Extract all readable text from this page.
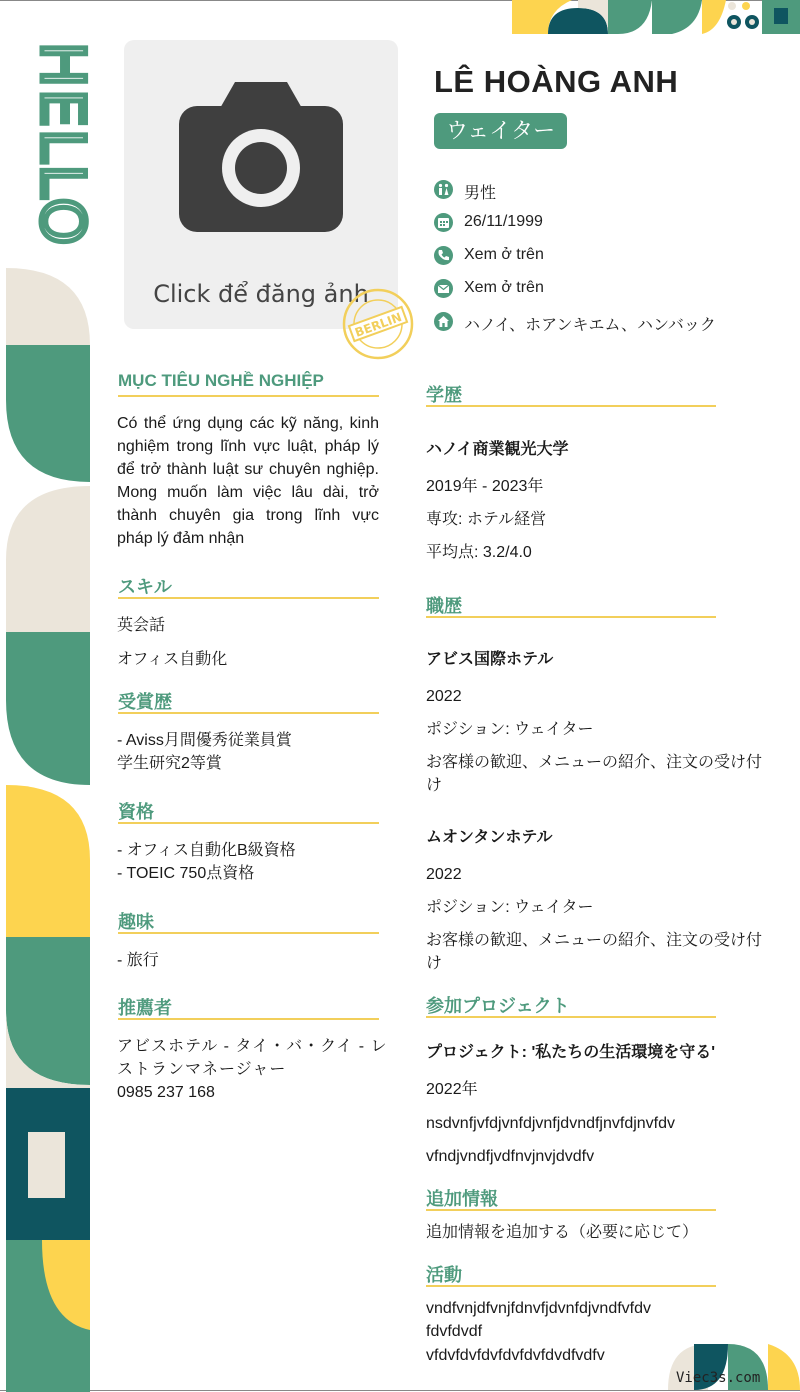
HELLO
Click để đăng ảnh
BERLIN
LÊ HOÀNG ANH
ウェイター
男性
26/11/1999
Xem ở trên
Xem ở trên
ハノイ、ホアンキエム、ハンバック
MỤC TIÊU NGHỀ NGHIỆP
Có thể ứng dụng các kỹ năng, kinh nghiệm trong lĩnh vực luật, pháp lý để trở thành luật sư chuyên nghiệp. Mong muốn làm việc lâu dài, trở thành chuyên gia trong lĩnh vực pháp lý đảm nhận
スキル
英会話
オフィス自動化
受賞歴
- Aviss月間優秀従業員賞
学生研究2等賞
資格
- オフィス自動化B級資格
- TOEIC 750点資格
趣味
- 旅行
推薦者
アビスホテル - タイ・バ・クイ - レ
ストランマネージャー
0985 237 168
学歴
ハノイ商業観光大学
2019年 - 2023年
専攻: ホテル経営
平均点: 3.2/4.0
職歴
アビス国際ホテル
2022
ポジション: ウェイター
お客様の歓迎、メニューの紹介、注文の受け付
け
ムオンタンホテル
2022
ポジション: ウェイター
お客様の歓迎、メニューの紹介、注文の受け付
け
参加プロジェクト
プロジェクト: '私たちの生活環境を守る'
2022年
nsdvnfjvfdjvnfdjvnfjdvndfjnvfdjnvfdv
vfndjvndfjvdfnvjnvjdvdfv
追加情報
追加情報を追加する（必要に応じて）
活動
vndfvnjdfvnjfdnvfjdvnfdjvndfvfdv
fdvfdvdf
vfdvfdvfdvfdvfdvfdvdfvdfv
Viec3s.com
